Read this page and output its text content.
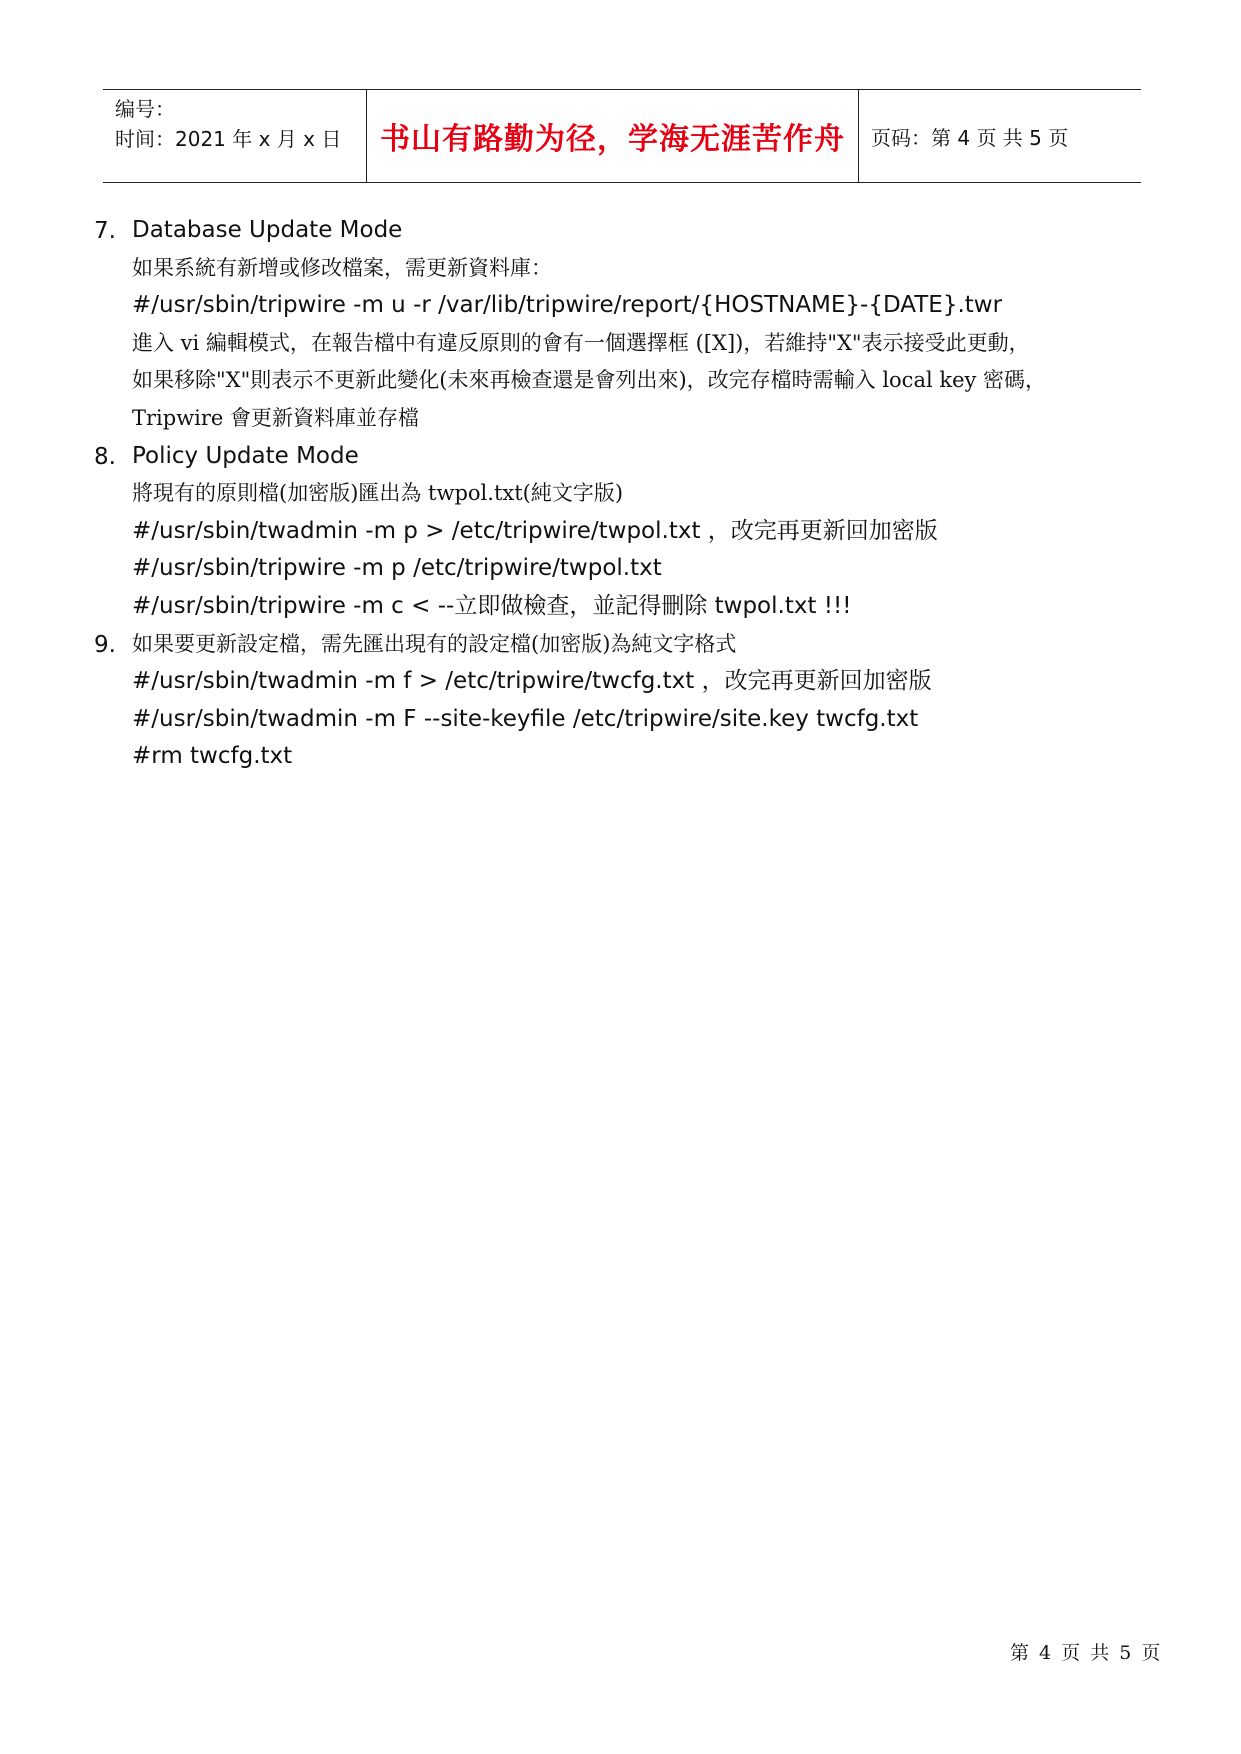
编号：
时间：2021 年 x 月 x 日	书山有路勤为径，学海无涯苦作舟 页码：第 4 页 共 5 页
7. Database Update Mode
如果系統有新增或修改檔案，需更新資料庫：
#/usr/sbin/tripwire -m u -r /var/lib/tripwire/report/{HOSTNAME}-{DATE}.twr
進入 vi 編輯模式，在報告檔中有違反原則的會有一個選擇框 ([X])，若維持"X"表示接受此更動，
如果移除"X"則表示不更新此變化(未來再檢查還是會列出來)，改完存檔時需輸入 local key 密碼，
Tripwire 會更新資料庫並存檔
8. Policy Update Mode
將現有的原則檔(加密版)匯出為 twpol.txt(純文字版)
#/usr/sbin/twadmin -m p > /etc/tripwire/twpol.txt ，改完再更新回加密版
#/usr/sbin/tripwire -m p /etc/tripwire/twpol.txt
#/usr/sbin/tripwire -m c < --立即做檢查，並記得刪除 twpol.txt !!!
9. 如果要更新設定檔，需先匯出現有的設定檔(加密版)為純文字格式
#/usr/sbin/twadmin -m f > /etc/tripwire/twcfg.txt ，改完再更新回加密版
#/usr/sbin/twadmin -m F --site-keyfile /etc/tripwire/site.key twcfg.txt
#rm twcfg.txt
第 4 页 共 5 页
